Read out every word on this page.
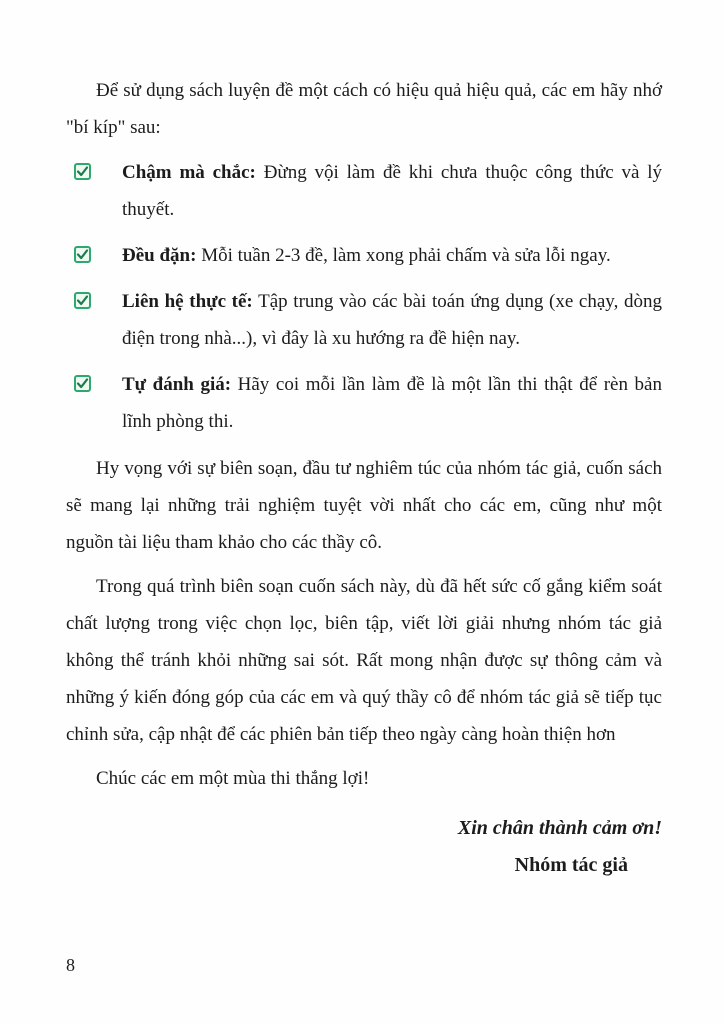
Để sử dụng sách luyện đề một cách có hiệu quả hiệu quả, các em hãy nhớ "bí kíp" sau:

Chậm mà chắc: Đừng vội làm đề khi chưa thuộc công thức và lý thuyết.
Đều đặn: Mỗi tuần 2-3 đề, làm xong phải chấm và sửa lỗi ngay.
Liên hệ thực tế: Tập trung vào các bài toán ứng dụng (xe chạy, dòng điện trong nhà...), vì đây là xu hướng ra đề hiện nay.
Tự đánh giá: Hãy coi mỗi lần làm đề là một lần thi thật để rèn bản lĩnh phòng thi.

Hy vọng với sự biên soạn, đầu tư nghiêm túc của nhóm tác giả, cuốn sách sẽ mang lại những trải nghiệm tuyệt vời nhất cho các em, cũng như một nguồn tài liệu tham khảo cho các thầy cô.

Trong quá trình biên soạn cuốn sách này, dù đã hết sức cố gắng kiểm soát chất lượng trong việc chọn lọc, biên tập, viết lời giải nhưng nhóm tác giả không thể tránh khỏi những sai sót. Rất mong nhận được sự thông cảm và những ý kiến đóng góp của các em và quý thầy cô để nhóm tác giả sẽ tiếp tục chỉnh sửa, cập nhật để các phiên bản tiếp theo ngày càng hoàn thiện hơn

Chúc các em một mùa thi thắng lợi!

Xin chân thành cảm ơn!

Nhóm tác giả

8
